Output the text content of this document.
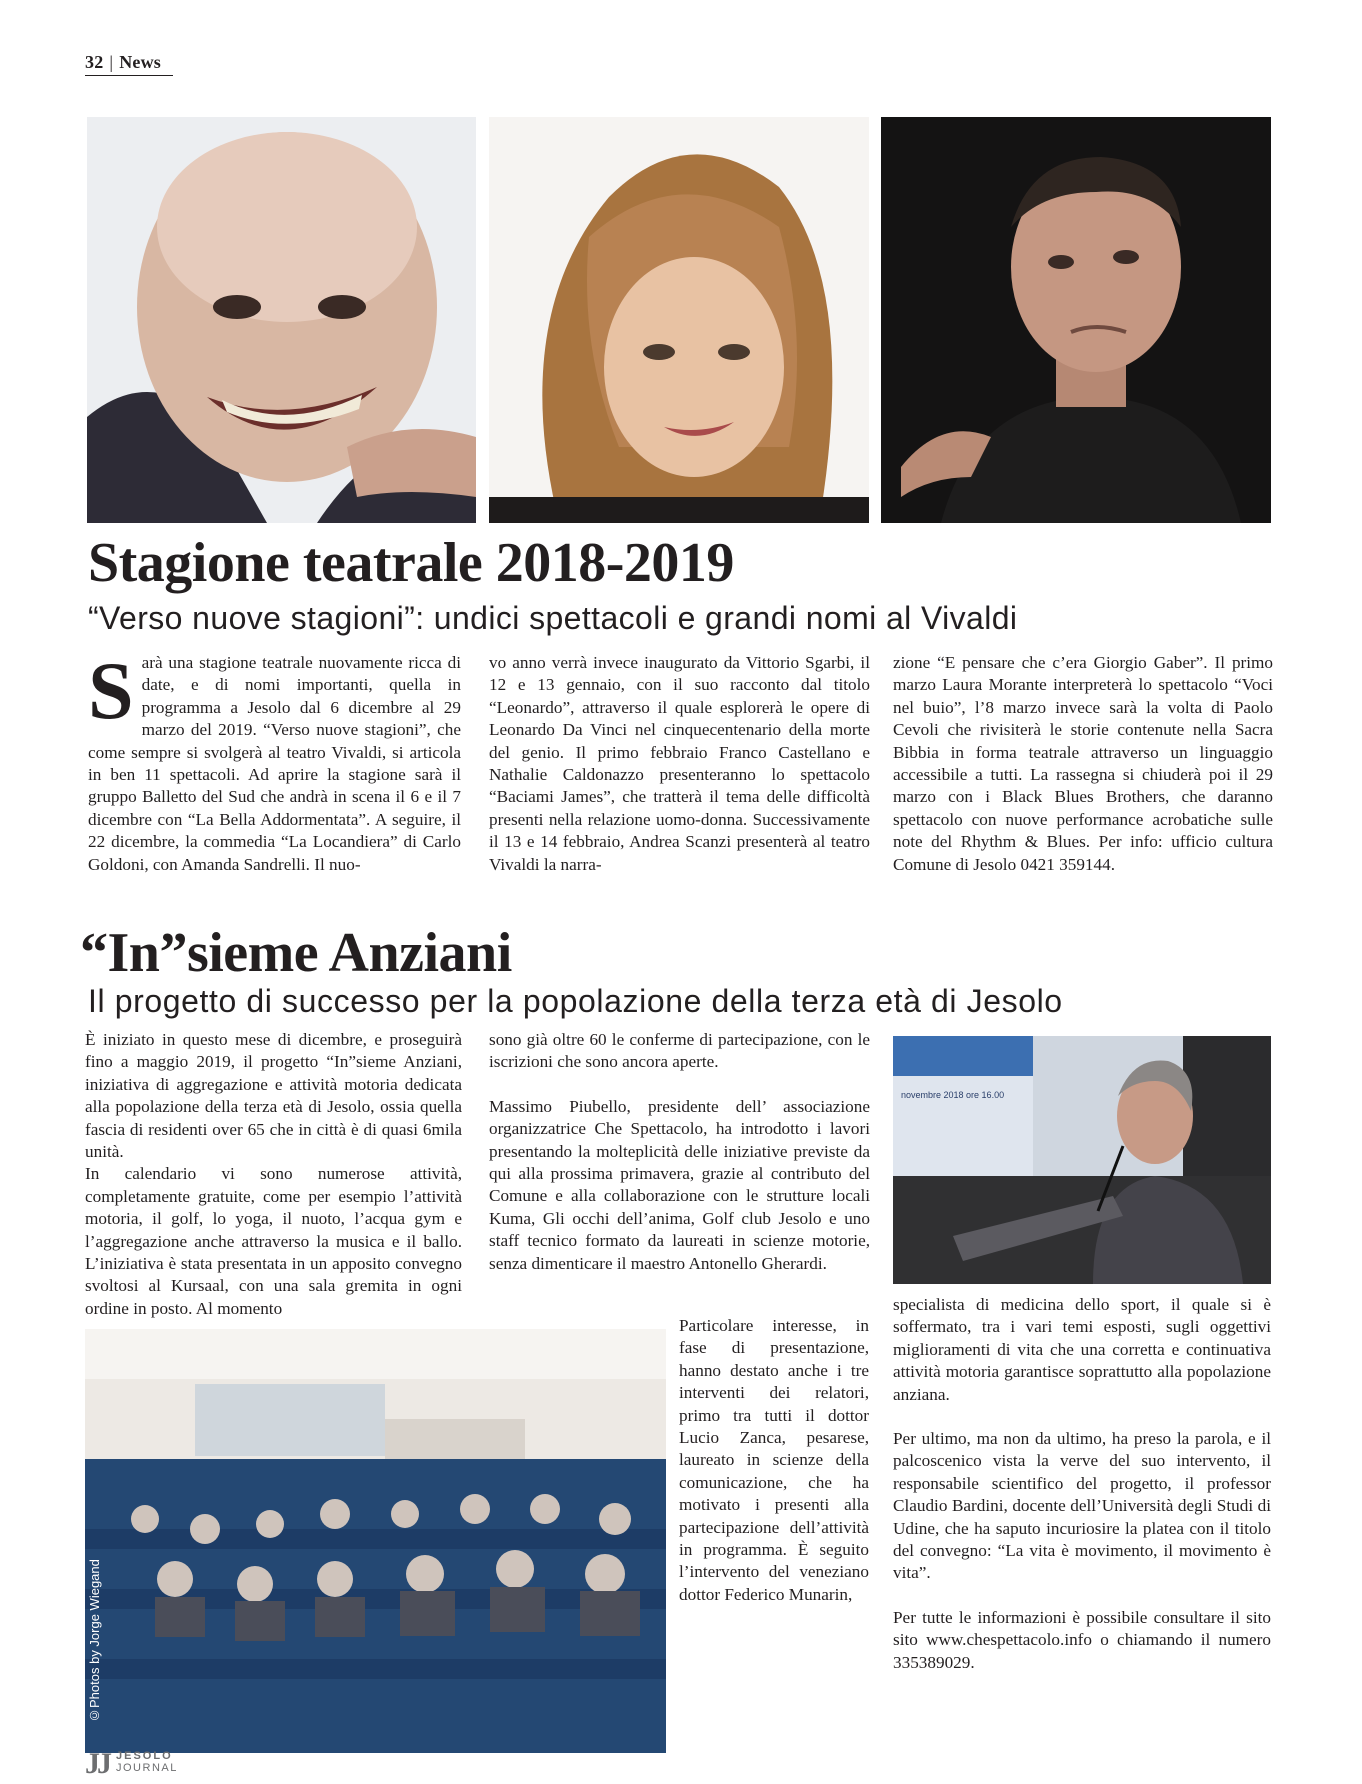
32 | News
Stagione teatrale 2018-2019
“Verso nuove stagioni”: undici spettacoli e grandi nomi al Vivaldi
S arà una stagione teatrale nuovamente ricca di date, e di nomi importanti, quella in programma a Jesolo dal 6 dicembre al 29 marzo del 2019. “Verso nuove stagioni”, che come sempre si svolgerà al teatro Vivaldi, si articola in ben 11 spettacoli. Ad aprire la stagione sarà il gruppo Balletto del Sud che andrà in scena il 6 e il 7 dicembre con “La Bella Addormentata”. A seguire, il 22 dicembre, la commedia “La Locandiera” di Carlo Goldoni, con Amanda Sandrelli. Il nuo-

vo anno verrà invece inaugurato da Vittorio Sgarbi, il 12 e 13 gennaio, con il suo racconto dal titolo “Leonardo”, attraverso il quale esplorerà le opere di Leonardo Da Vinci nel cinquecentenario della morte del genio. Il primo febbraio Franco Castellano e Nathalie Caldonazzo presenteranno lo spettacolo “Baciami James”, che tratterà il tema delle difficoltà presenti nella relazione uomo-donna. Successivamente il 13 e 14 febbraio, Andrea Scanzi presenterà al teatro Vivaldi la narra-

zione “E pensare che c’era Giorgio Gaber”. Il primo marzo Laura Morante interpreterà lo spettacolo “Voci nel buio”, l’8 marzo invece sarà la volta di Paolo Cevoli che rivisiterà le storie contenute nella Sacra Bibbia in forma teatrale attraverso un linguaggio accessibile a tutti. La rassegna si chiuderà poi il 29 marzo con i Black Blues Brothers, che daranno spettacolo con nuove performance acrobatiche sulle note del Rhythm & Blues. Per info: ufficio cultura Comune di Jesolo 0421 359144.

“In”sieme Anziani
Il progetto di successo per la popolazione della terza età di Jesolo

È iniziato in questo mese di dicembre, e proseguirà fino a maggio 2019, il progetto “In”sieme Anziani, iniziativa di aggregazione e attività motoria dedicata alla popolazione della terza età di Jesolo, ossia quella fascia di residenti over 65 che in città è di quasi 6mila unità.

In calendario vi sono numerose attività, completamente gratuite, come per esempio l’attività motoria, il golf, lo yoga, il nuoto, l’acqua gym e l’aggregazione anche attraverso la musica e il ballo. L’iniziativa è stata presentata in un apposito convegno svoltosi al Kursaal, con una sala gremita in ogni ordine in posto. Al momento

sono già oltre 60 le conferme di partecipazione, con le iscrizioni che sono ancora aperte.

Massimo Piubello, presidente dell’ associazione organizzatrice Che Spettacolo, ha introdotto i lavori presentando la molteplicità delle iniziative previste da qui alla prossima primavera, grazie al contributo del Comune e alla collaborazione con le strutture locali Kuma, Gli occhi dell’anima, Golf club Jesolo e uno staff tecnico formato da laureati in scienze motorie, senza dimenticare il maestro Antonello Gherardi.

Particolare interesse, in fase di presentazione, hanno destato anche i tre interventi dei relatori, primo tra tutti il dottor Lucio Zanca, pesarese, laureato in scienze della comunicazione, che ha motivato i presenti alla partecipazione dell’attività in programma. È seguito l’intervento del veneziano dottor Federico Munarin,

specialista di medicina dello sport, il quale si è soffermato, tra i vari temi esposti, sugli oggettivi miglioramenti di vita che una corretta e continuativa attività motoria garantisce soprattutto alla popolazione anziana.

Per ultimo, ma non da ultimo, ha preso la parola, e il palcoscenico vista la verve del suo intervento, il responsabile scientifico del progetto, il professor Claudio Bardini, docente dell’Università degli Studi di Udine, che ha saputo incuriosire la platea con il titolo del convegno: “La vita è movimento, il movimento è vita”.

Per tutte le informazioni è possibile consultare il sito sito www.chespettacolo.info o chiamando il numero 335389029.

novembre 2018 ore 16.00
©Photos by Jorge Wiegand
JJ JESOLO
JOURNAL
